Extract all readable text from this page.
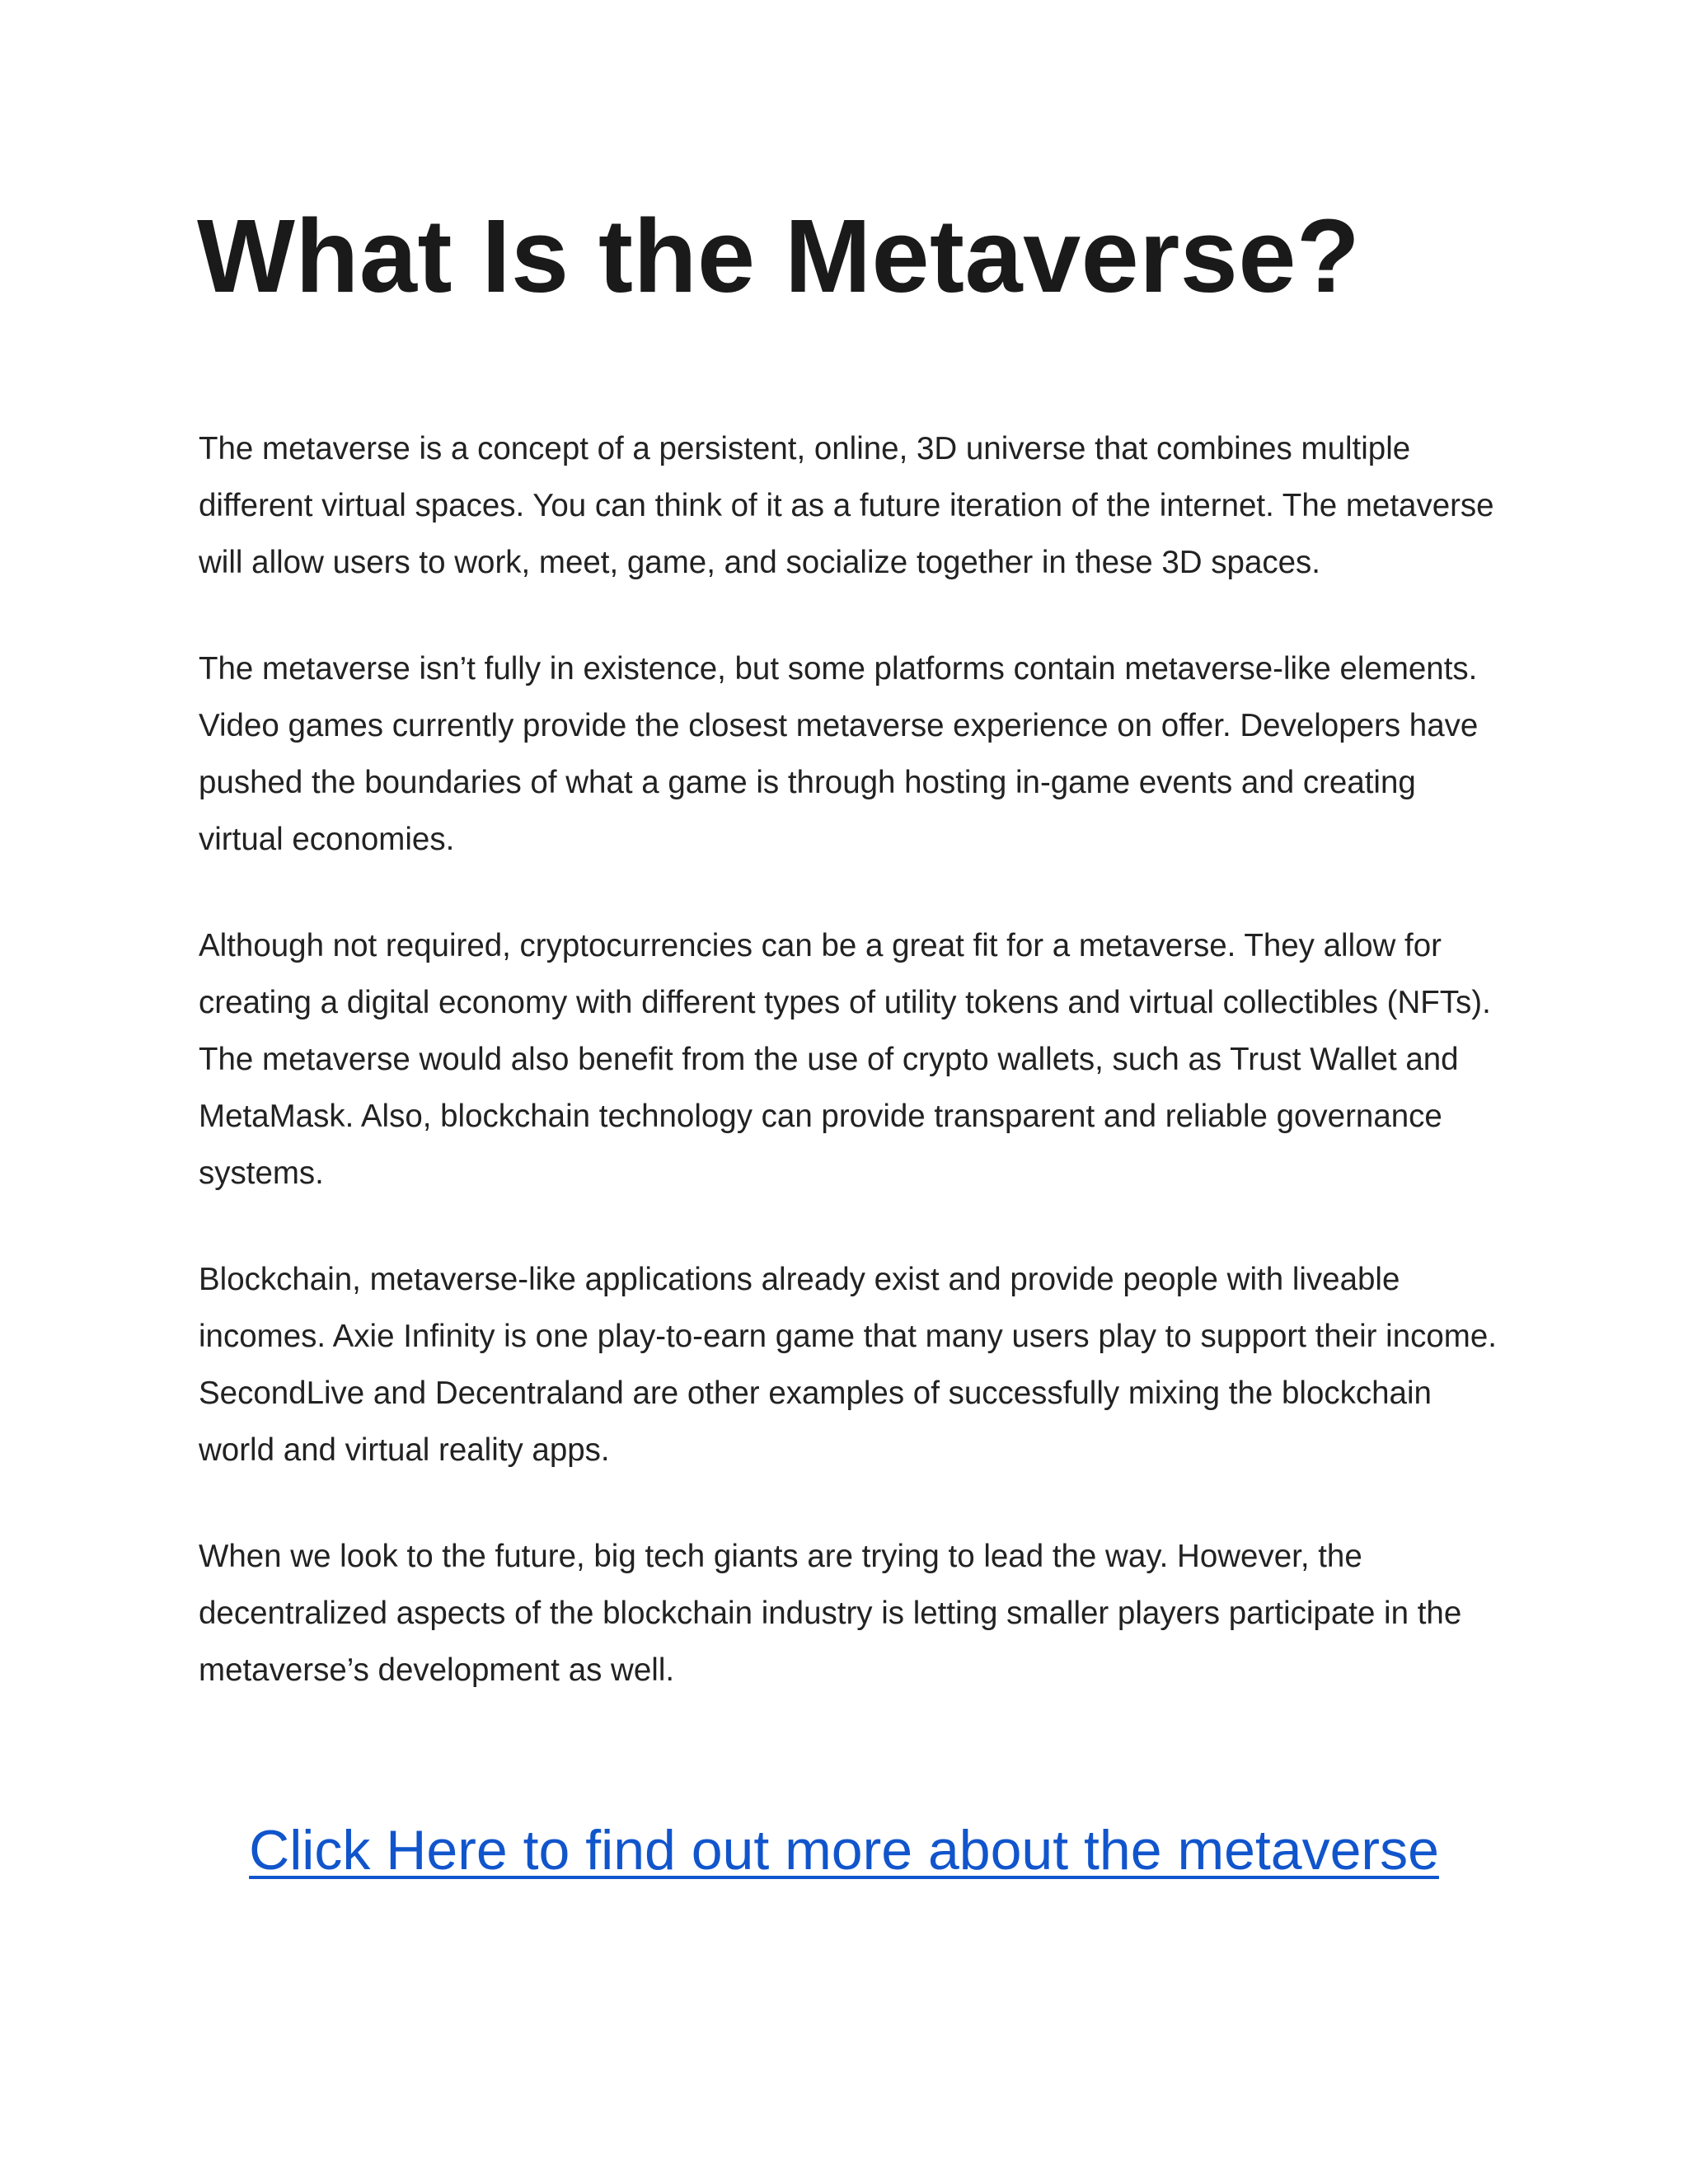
What Is the Metaverse?

The metaverse is a concept of a persistent, online, 3D universe that combines multiple different virtual spaces. You can think of it as a future iteration of the internet. The metaverse will allow users to work, meet, game, and socialize together in these 3D spaces.

The metaverse isn’t fully in existence, but some platforms contain metaverse-like elements. Video games currently provide the closest metaverse experience on offer. Developers have pushed the boundaries of what a game is through hosting in-game events and creating virtual economies.

Although not required, cryptocurrencies can be a great fit for a metaverse. They allow for creating a digital economy with different types of utility tokens and virtual collectibles (NFTs). The metaverse would also benefit from the use of crypto wallets, such as Trust Wallet and MetaMask. Also, blockchain technology can provide transparent and reliable governance systems.

Blockchain, metaverse-like applications already exist and provide people with liveable incomes. Axie Infinity is one play-to-earn game that many users play to support their income. SecondLive and Decentraland are other examples of successfully mixing the blockchain world and virtual reality apps.

When we look to the future, big tech giants are trying to lead the way. However, the decentralized aspects of the blockchain industry is letting smaller players participate in the metaverse’s development as well.

Click Here to find out more about the metaverse
